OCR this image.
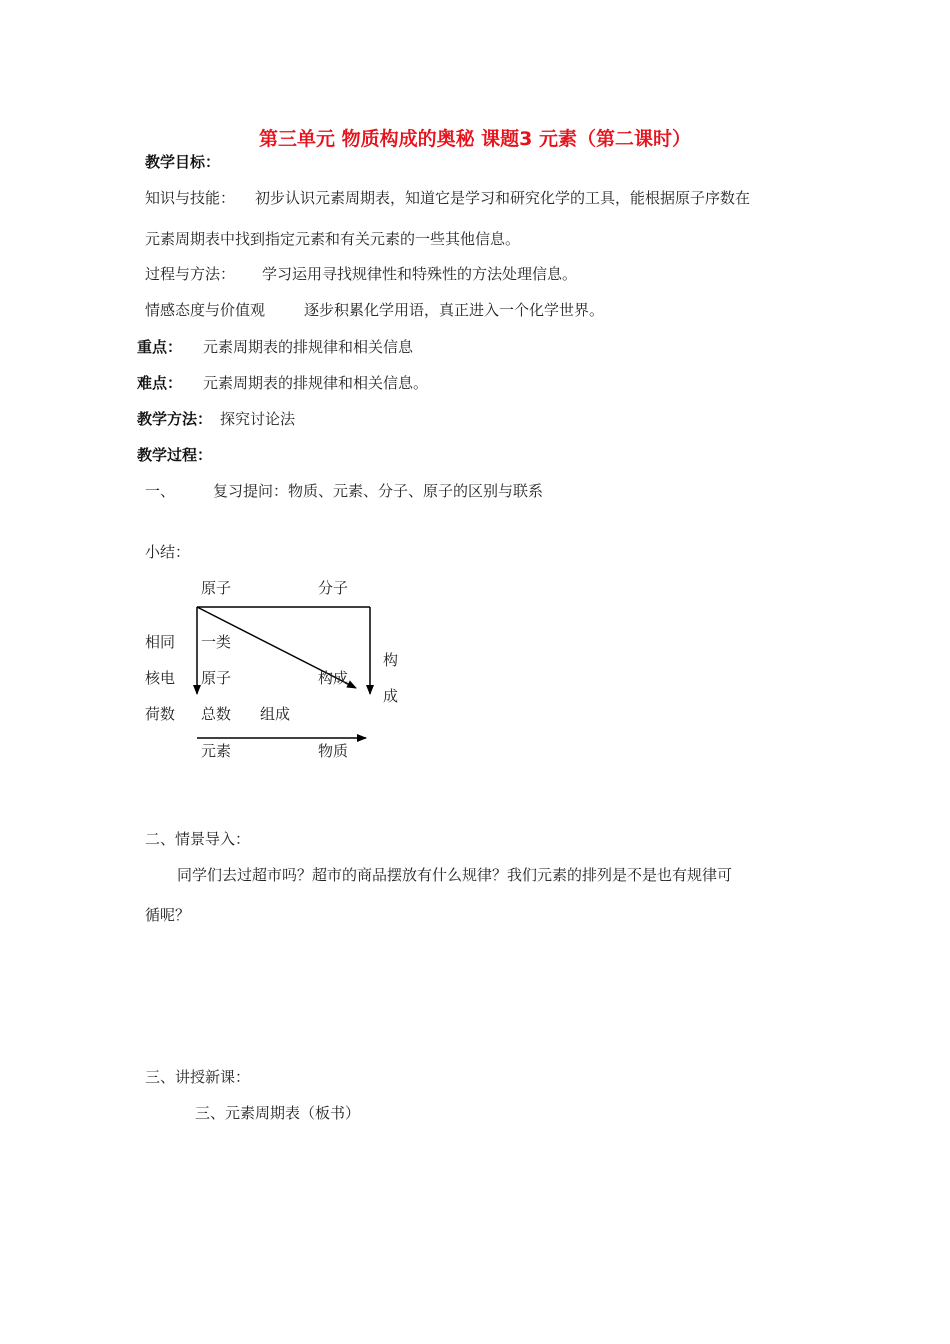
第三单元 物质构成的奥秘 课题3 元素（第二课时）
教学目标：
知识与技能： 初步认识元素周期表，知道它是学习和研究化学的工具，能根据原子序数在
元素周期表中找到指定元素和有关元素的一些其他信息。
过程与方法： 学习运用寻找规律性和特殊性的方法处理信息。
情感态度与价值观	逐步积累化学用语，真正进入一个化学世界。
重点： 元素周期表的排规律和相关信息
难点： 元素周期表的排规律和相关信息。
教学方法： 探究讨论法
教学过程：
一、	复习提问：物质、元素、分子、原子的区别与联系
小结：
原子	分子
相同 一类
构
核电 原子	构成
成
荷数 总数 组成
元素	物质
二、情景导入：
同学们去过超市吗？超市的商品摆放有什么规律？我们元素的排列是不是也有规律可
循呢？
三、讲授新课：
三、元素周期表（板书）
